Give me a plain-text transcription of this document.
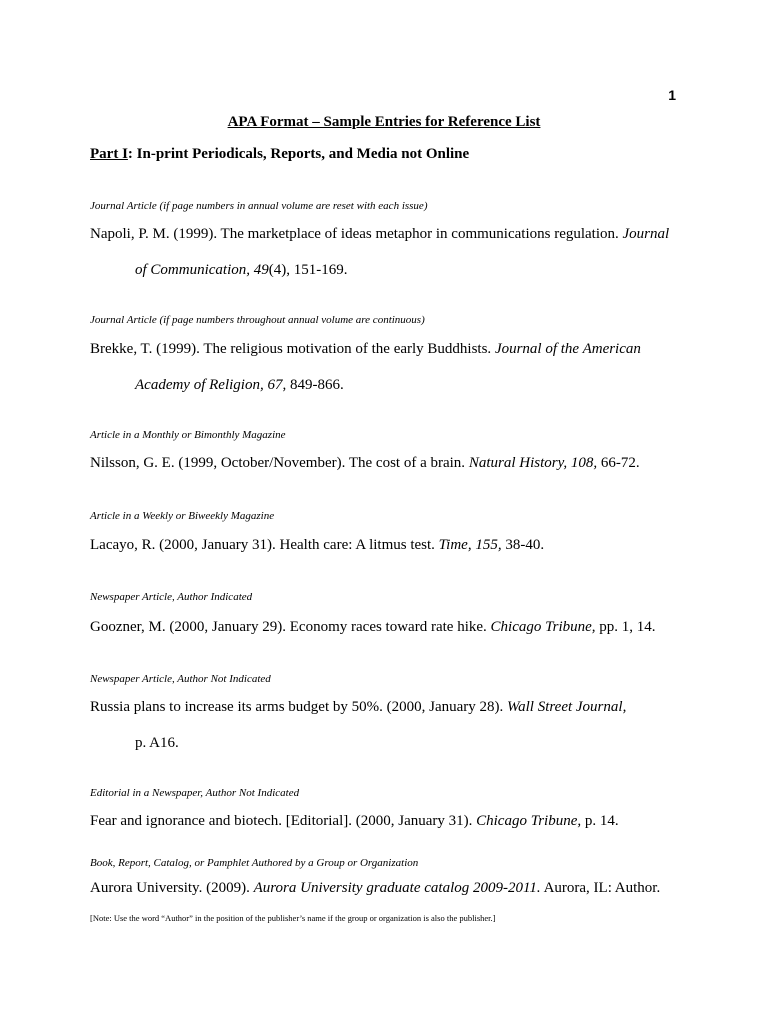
1
APA Format – Sample Entries for Reference List
Part I: In-print Periodicals, Reports, and Media not Online
Journal Article (if page numbers in annual volume are reset with each issue)
Napoli, P. M. (1999). The marketplace of ideas metaphor in communications regulation. Journal
of Communication, 49(4), 151-169.
Journal Article (if page numbers throughout annual volume are continuous)
Brekke, T. (1999). The religious motivation of the early Buddhists. Journal of the American
Academy of Religion, 67, 849-866.
Article in a Monthly or Bimonthly Magazine
Nilsson, G. E. (1999, October/November). The cost of a brain. Natural History, 108, 66-72.
Article in a Weekly or Biweekly Magazine
Lacayo, R. (2000, January 31). Health care: A litmus test. Time, 155, 38-40.
Newspaper Article, Author Indicated
Goozner, M. (2000, January 29). Economy races toward rate hike. Chicago Tribune, pp. 1, 14.
Newspaper Article, Author Not Indicated
Russia plans to increase its arms budget by 50%. (2000, January 28). Wall Street Journal,
p. A16.
Editorial in a Newspaper, Author Not Indicated
Fear and ignorance and biotech. [Editorial]. (2000, January 31). Chicago Tribune, p. 14.
Book, Report, Catalog, or Pamphlet Authored by a Group or Organization
Aurora University. (2009). Aurora University graduate catalog 2009-2011. Aurora, IL: Author.
[Note: Use the word “Author” in the position of the publisher’s name if the group or organization is also the publisher.]
